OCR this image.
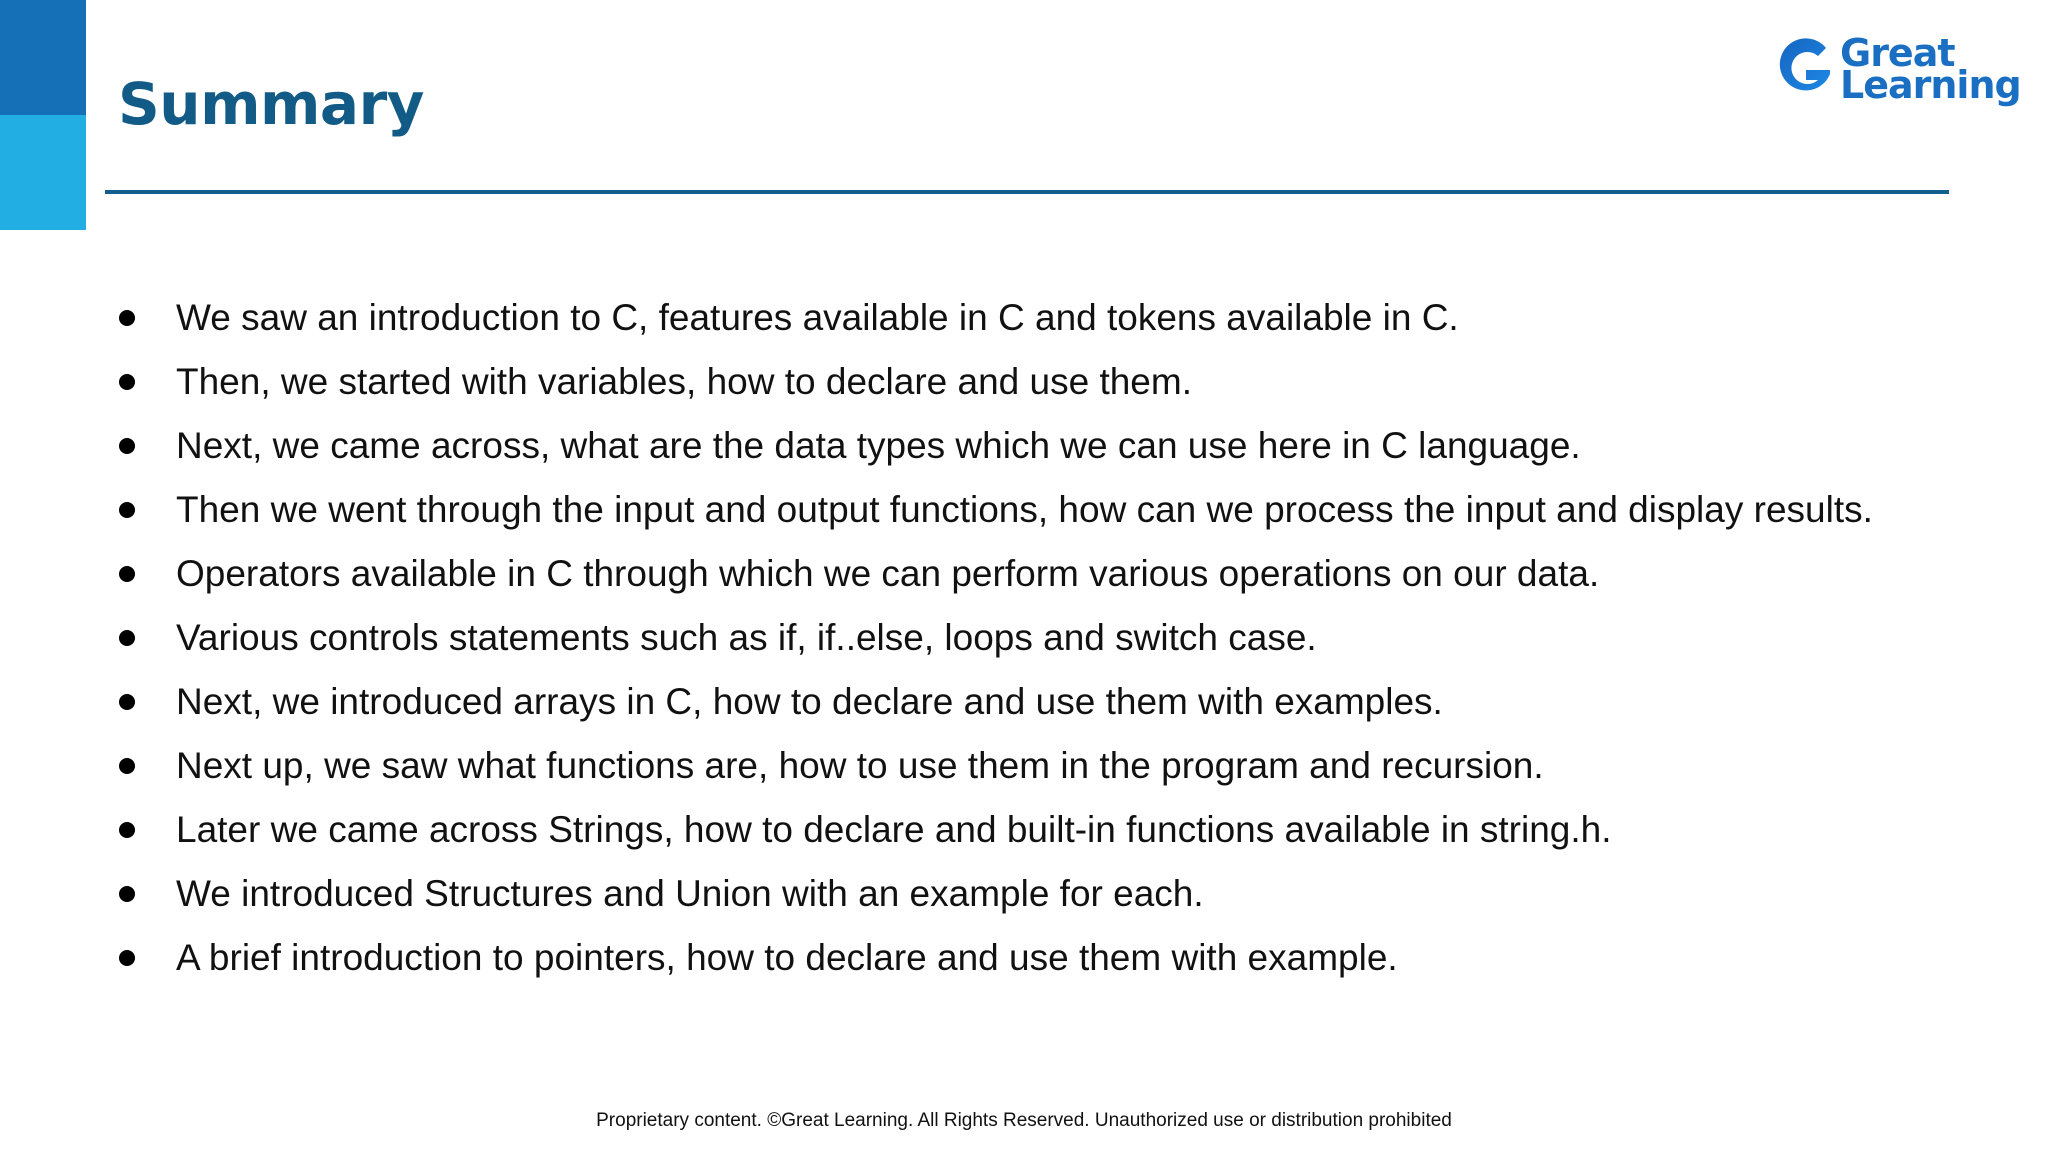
Summary
Great
Learning
We saw an introduction to C, features available in C and tokens available in C.
Then, we started with variables, how to declare and use them.
Next, we came across, what are the data types which we can use here in C language.
Then we went through the input and output functions, how can we process the input and display results.
Operators available in C through which we can perform various operations on our data.
Various controls statements such as if, if..else, loops and switch case.
Next, we introduced arrays in C, how to declare and use them with examples.
Next up, we saw what functions are, how to use them in the program and recursion.
Later we came across Strings, how to declare and built-in functions available in string.h.
We introduced Structures and Union with an example for each.
A brief introduction to pointers, how to declare and use them with example.
Proprietary content. ©Great Learning. All Rights Reserved. Unauthorized use or distribution prohibited
